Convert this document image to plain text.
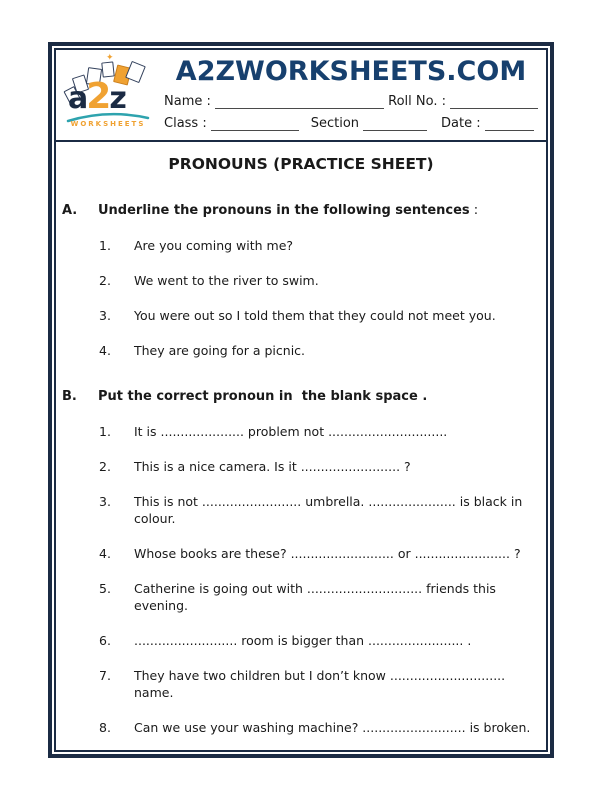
✦
a2z
WORKSHEETS
A2ZWORKSHEETS.COM
Name :	Roll No. :
Class :	Section	Date :
PRONOUNS (PRACTICE SHEET)
A.	Underline the pronouns in the following sentences :
1.	Are you coming with me?
2.	We went to the river to swim.
3.	You were out so I told them that they could not meet you.
4.	They are going for a picnic.
B.	Put the correct pronoun in  the blank space .
1.	It is ..................... problem not ..............................
2.	This is a nice camera. Is it ......................... ?
3.	This is not ......................... umbrella. ...................... is black in colour.
4.	Whose books are these? .......................... or ........................ ?
5.	Catherine is going out with ............................. friends this evening.
6.	.......................... room is bigger than ........................ .
7.	They have two children but I don’t know ............................. name.
8.	Can we use your washing machine? .......................... is broken.
